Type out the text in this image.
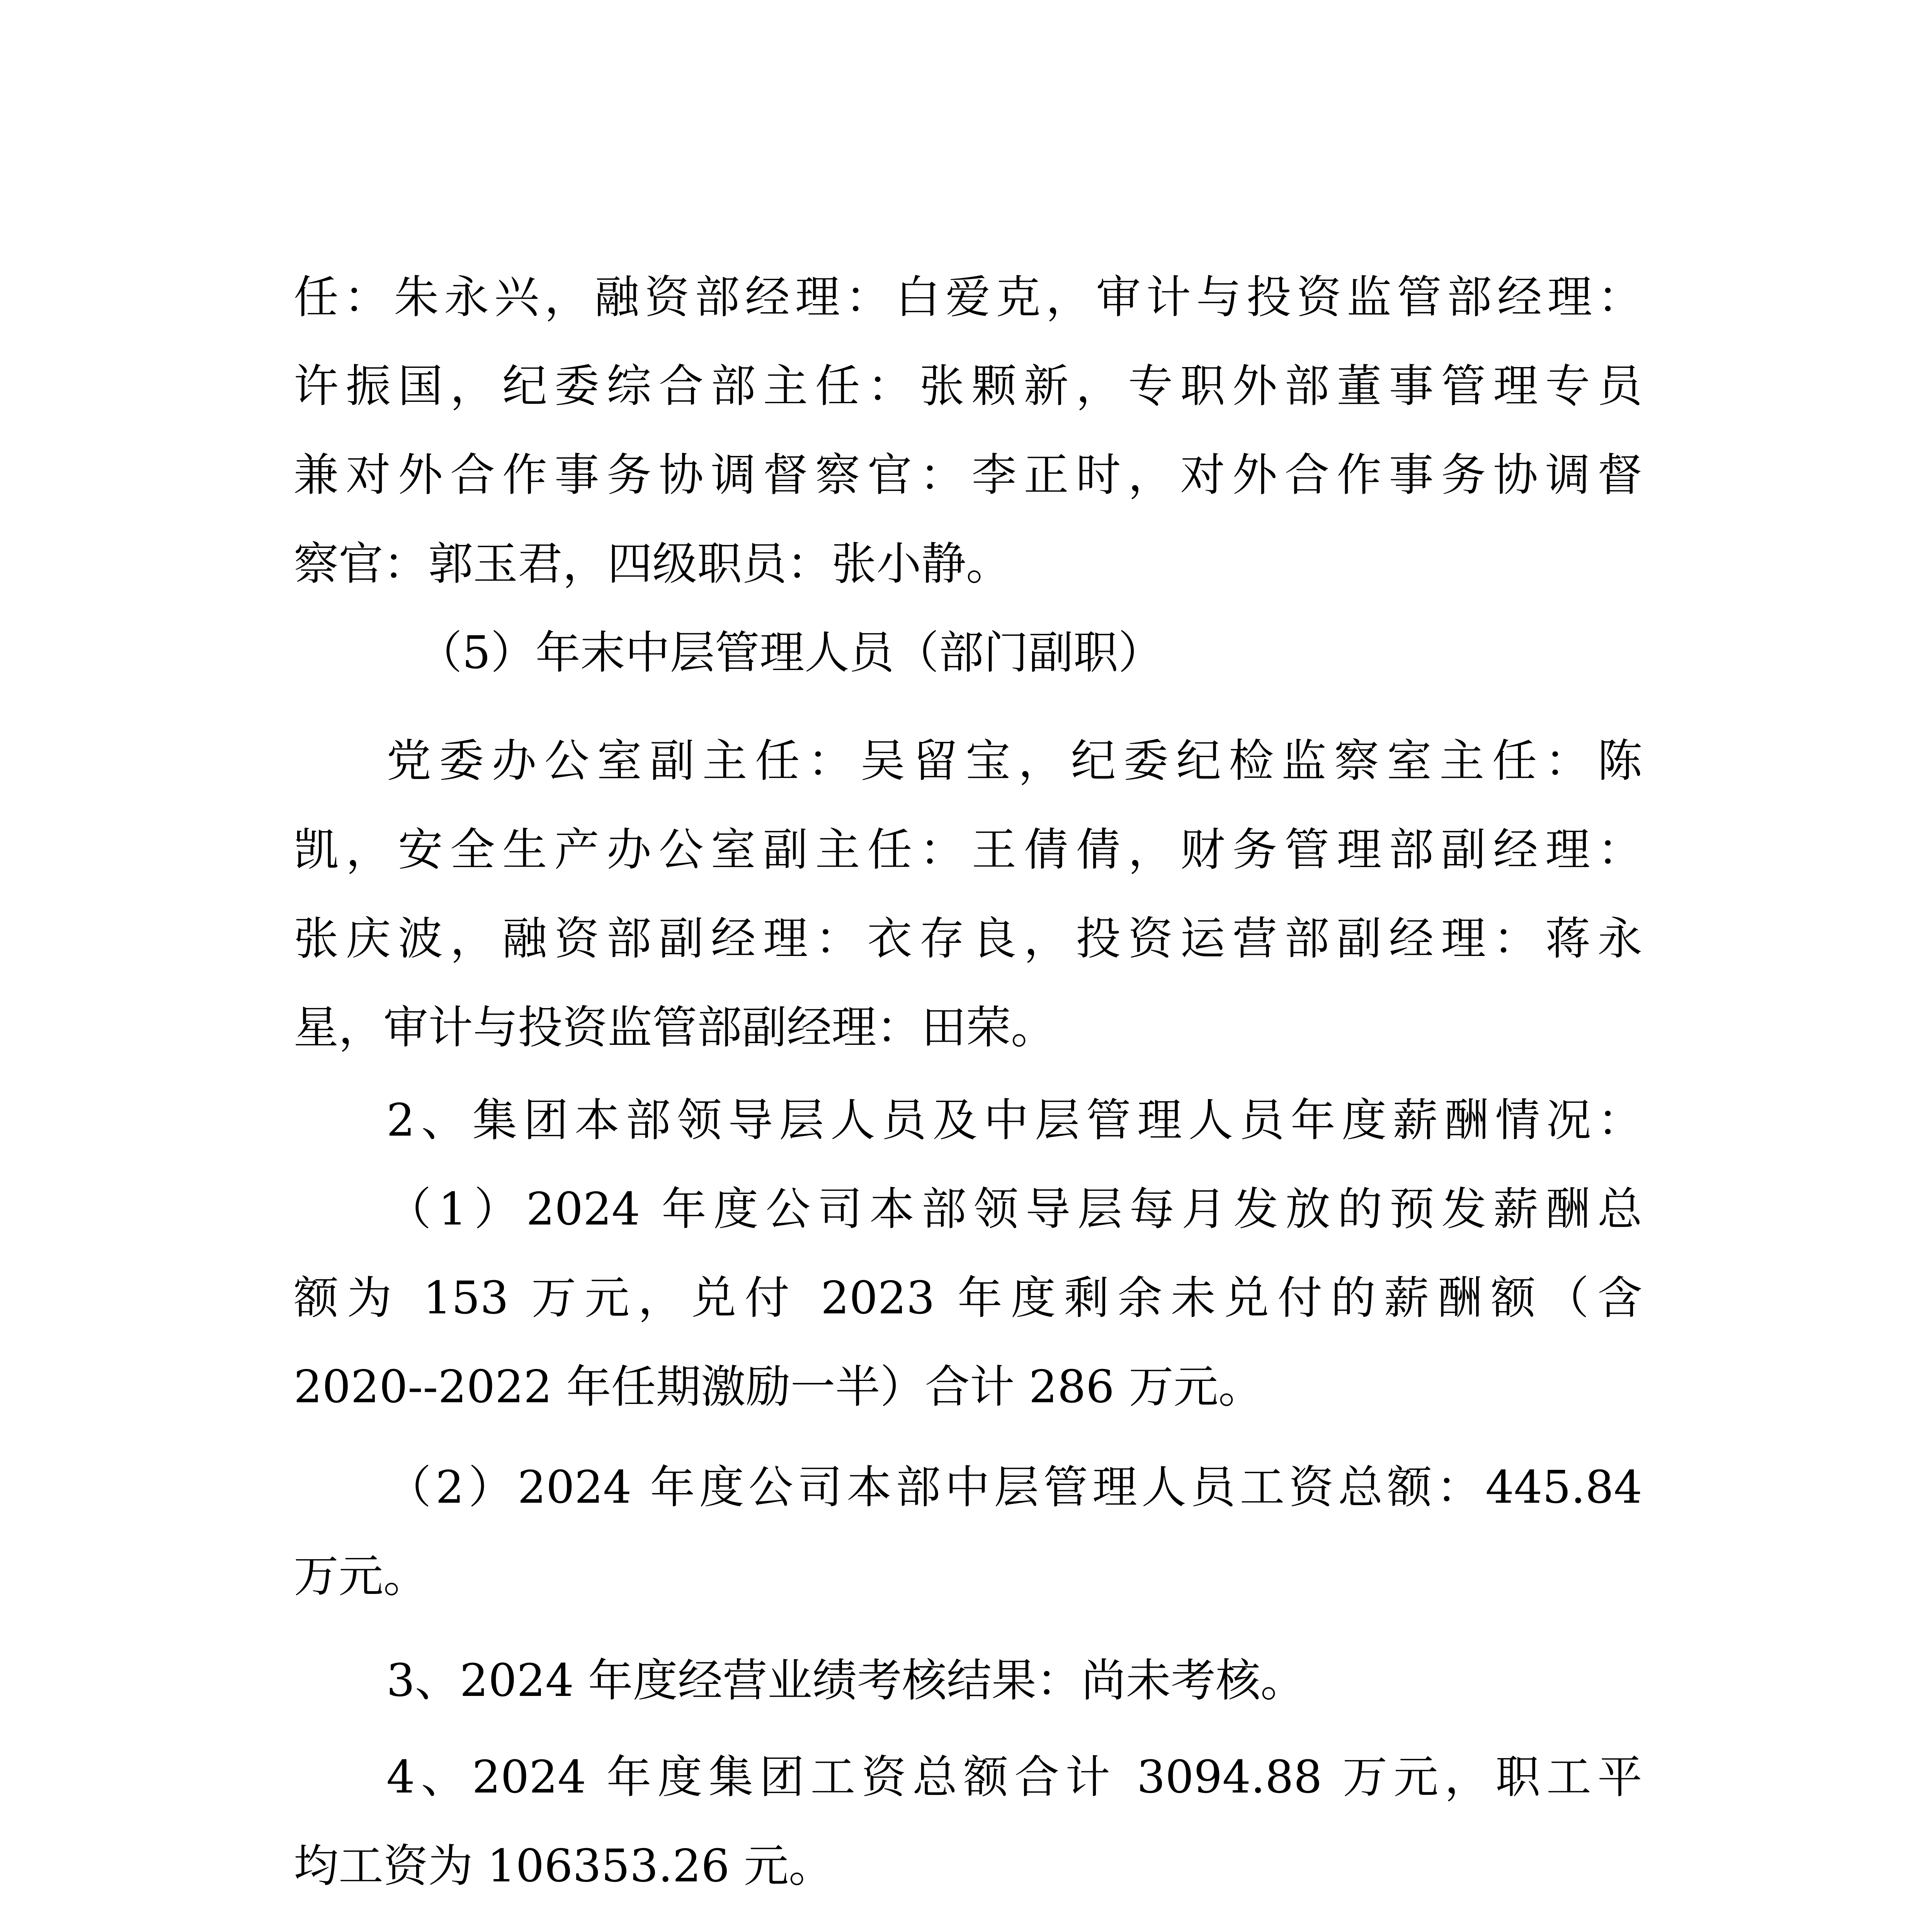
任：朱永兴，融资部经理：白爱克，审计与投资监管部经理：

许振国，纪委综合部主任：张颗新，专职外部董事管理专员

兼对外合作事务协调督察官：李正时，对外合作事务协调督

察官：郭玉君，四级职员：张小静。

（5）年末中层管理人员（部门副职）

党委办公室副主任：吴留宝，纪委纪检监察室主任：陈

凯，安全生产办公室副主任：王倩倩，财务管理部副经理：

张庆波，融资部副经理：衣存良，投资运营部副经理：蒋永

星，审计与投资监管部副经理：田荣。

2、集团本部领导层人员及中层管理人员年度薪酬情况：

（1）2024 年度公司本部领导层每月发放的预发薪酬总

额为 153 万元，兑付 2023 年度剩余未兑付的薪酬额（含

2020--2022 年任期激励一半）合计 286 万元。

（2）2024 年度公司本部中层管理人员工资总额：445.84

万元。

3、2024 年度经营业绩考核结果：尚未考核。

4、2024 年度集团工资总额合计 3094.88 万元，职工平

均工资为 106353.26 元。
